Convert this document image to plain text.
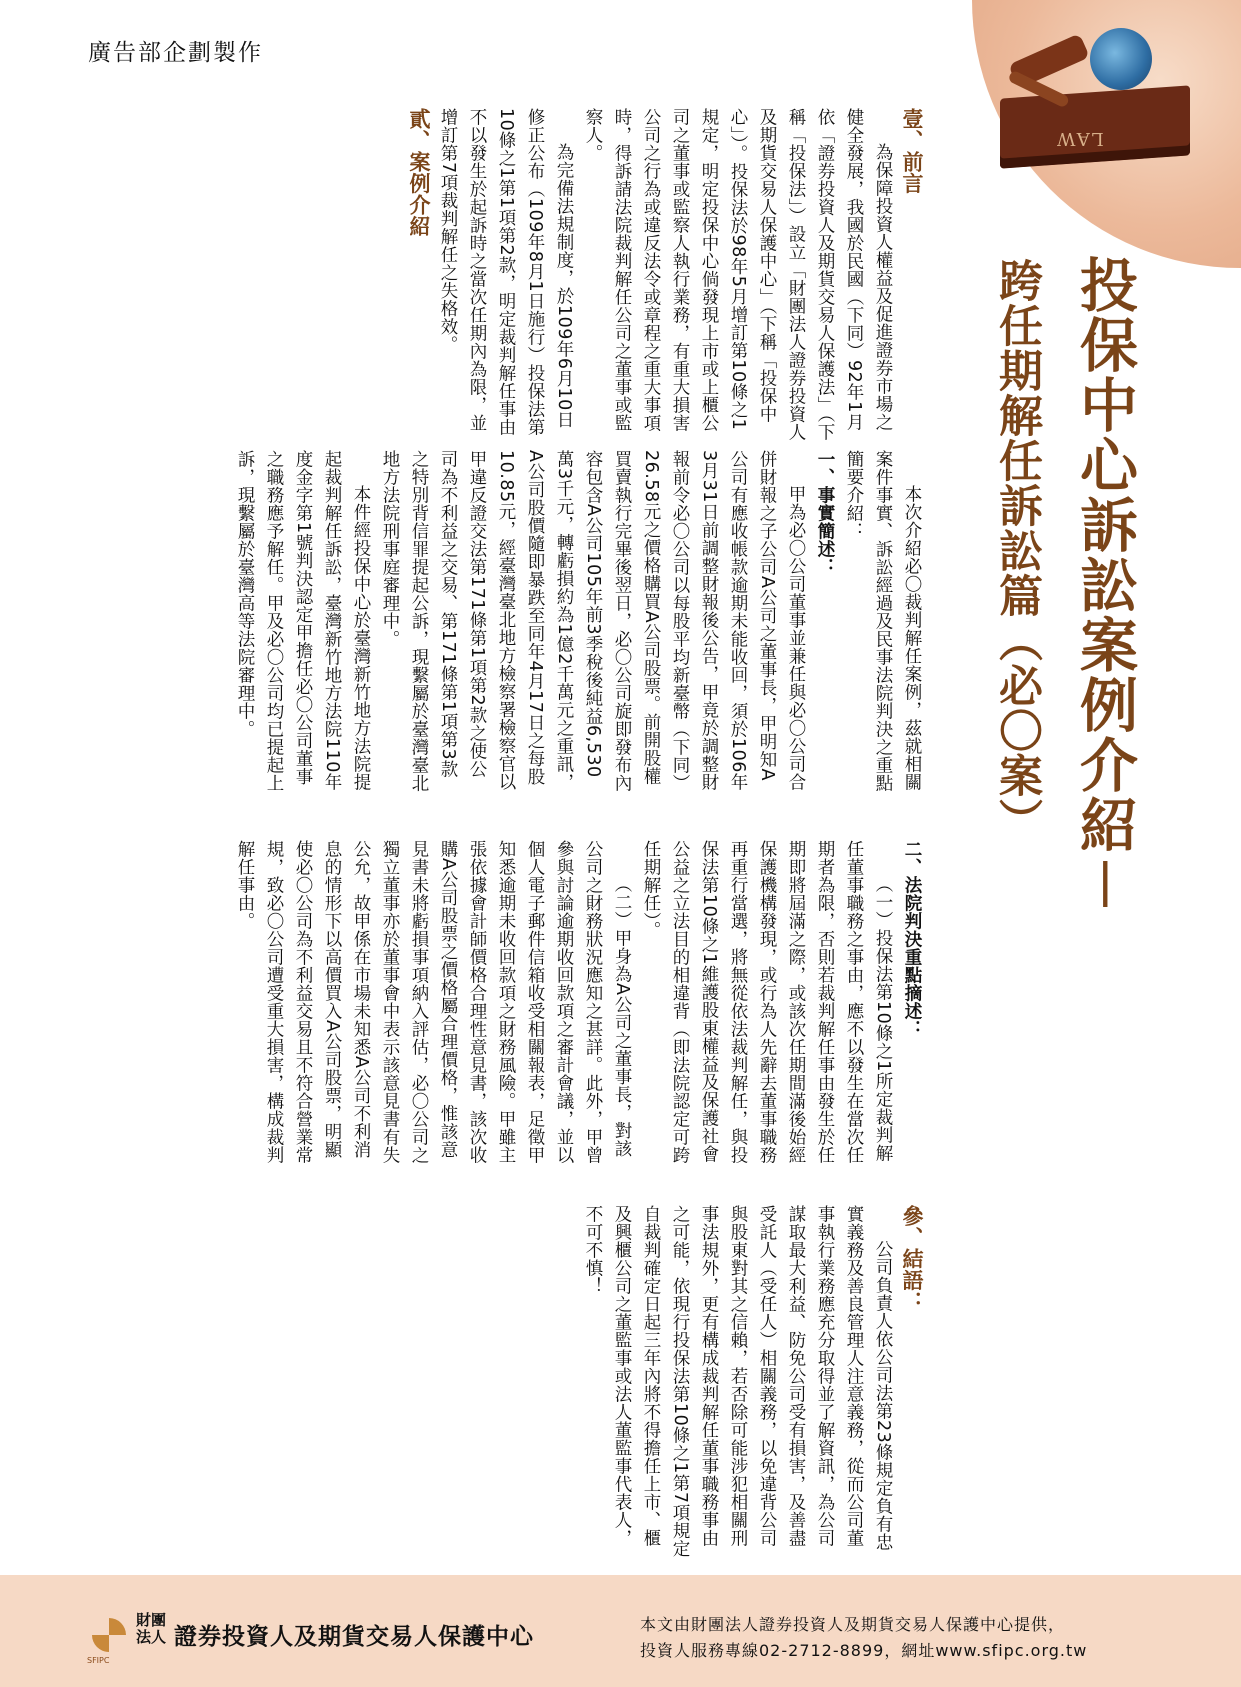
廣告部企劃製作
LAW
投保中心訴訟案例介紹－
跨任期解任訴訟篇（必〇案）

壹、前言

為保障投資人權益及促進證券市場之健全發展，我國於民國（下同）92年1月依「證券投資人及期貨交易人保護法」（下稱「投保法」）設立「財團法人證券投資人及期貨交易人保護中心」（下稱「投保中心」）。投保法於98年5月增訂第10條之1規定，明定投保中心倘發現上市或上櫃公司之董事或監察人執行業務，有重大損害公司之行為或違反法令或章程之重大事項時，得訴請法院裁判解任公司之董事或監察人。

為完備法規制度，於109年6月10日修正公布（109年8月1日施行）投保法第10條之1第1項第2款，明定裁判解任事由不以發生於起訴時之當次任期內為限，並增訂第7項裁判解任之失格效。

貳、案例介紹

本次介紹必〇裁判解任案例，茲就相關案件事實、訴訟經過及民事法院判決之重點簡要介紹：

一、事實簡述：

甲為必〇公司董事並兼任與必〇公司合併財報之子公司A公司之董事長，甲明知A公司有應收帳款逾期未能收回，須於106年3月31日前調整財報後公告，甲竟於調整財報前令必〇公司以每股平均新臺幣（下同）26.58元之價格購買A公司股票。前開股權買賣執行完畢後翌日，必〇公司旋即發布內容包含A公司105年前3季稅後純益6,530萬3千元，轉虧損約為1億2千萬元之重訊，A公司股價隨即暴跌至同年4月17日之每股10.85元，經臺灣臺北地方檢察署檢察官以甲違反證交法第171條第1項第2款之使公司為不利益之交易、第171條第1項第3款之特別背信罪提起公訴，現繫屬於臺灣臺北地方法院刑事庭審理中。

本件經投保中心於臺灣新竹地方法院提起裁判解任訴訟，臺灣新竹地方法院110年度金字第1號判決認定甲擔任必〇公司董事之職務應予解任。甲及必〇公司均已提起上訴，現繫屬於臺灣高等法院審理中。

二、法院判決重點摘述：

（一）投保法第10條之1所定裁判解任董事職務之事由，應不以發生在當次任期者為限，否則若裁判解任事由發生於任期即將屆滿之際，或該次任期間滿後始經保護機構發現，或行為人先辭去董事職務再重行當選，將無從依法裁判解任，與投保法第10條之1維護股東權益及保護社會公益之立法目的相違背（即法院認定可跨任期解任）。

（二）甲身為A公司之董事長，對該公司之財務狀況應知之甚詳。此外，甲曾參與討論逾期收回款項之審計會議，並以個人電子郵件信箱收受相關報表，足徵甲知悉逾期未收回款項之財務風險。甲雖主張依據會計師價格合理性意見書，該次收購A公司股票之價格屬合理價格，惟該意見書未將虧損事項納入評估，必〇公司之獨立董事亦於董事會中表示該意見書有失公允，故甲係在市場未知悉A公司不利消息的情形下以高價買入A公司股票，明顯使必〇公司為不利益交易且不符合營業常規，致必〇公司遭受重大損害，構成裁判解任事由。

參、結語：

公司負責人依公司法第23條規定負有忠實義務及善良管理人注意義務，從而公司董事執行業務應充分取得並了解資訊，為公司謀取最大利益、防免公司受有損害，及善盡受託人（受任人）相關義務，以免違背公司與股東對其之信賴，若否除可能涉犯相關刑事法規外，更有構成裁判解任董事職務事由之可能，依現行投保法第10條之1第7項規定自裁判確定日起三年內將不得擔任上市、櫃及興櫃公司之董監事或法人董監事代表人，不可不慎！

SFIPC
財團法人 證券投資人及期貨交易人保護中心	本文由財團法人證券投資人及期貨交易人保護中心提供，
投資人服務專線02-2712-8899，網址www.sfipc.org.tw
